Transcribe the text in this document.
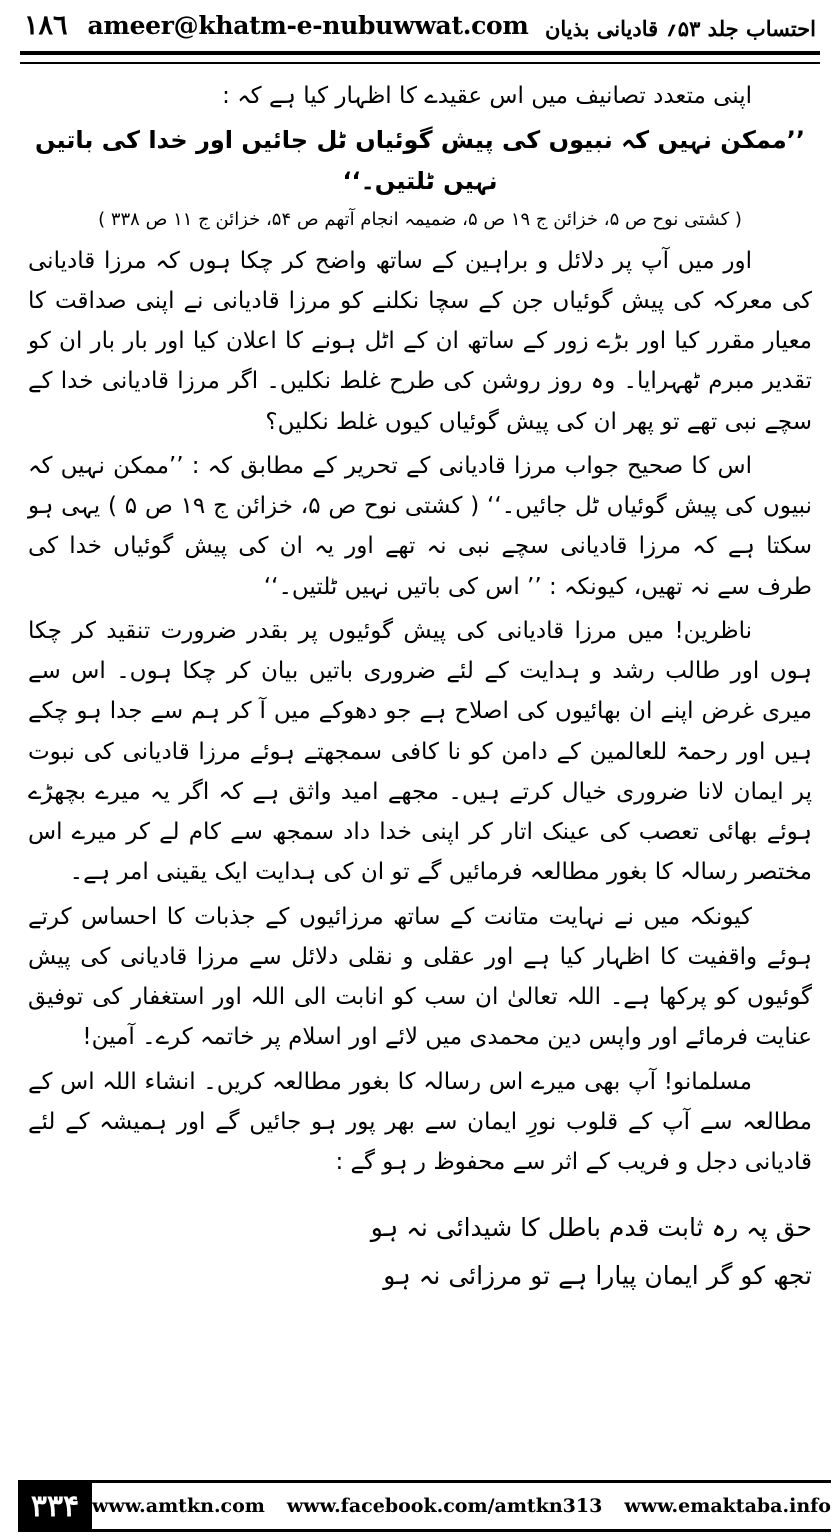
احتساب جلد ۵۳؍ قادیانی بذیان
١٨٦ ameer@khatm-e-nubuwwat.com

اپنی متعدد تصانیف میں اس عقیدے کا اظہار کیا ہے کہ :

’’ممکن نہیں کہ نبیوں کی پیش گوئیاں ٹل جائیں اور خدا کی باتیں نہیں ٹلتیں۔‘‘

( کشتی نوح ص ۵، خزائن ج ۱۹ ص ۵، ضمیمہ انجام آتھم ص ۵۴، خزائن ج ۱۱ ص ۳۳۸ )

اور میں آپ پر دلائل و براہین کے ساتھ واضح کر چکا ہوں کہ مرزا قادیانی کی معرکہ کی پیش گوئیاں جن کے سچا نکلنے کو مرزا قادیانی نے اپنی صداقت کا معیار مقرر کیا اور بڑے زور کے ساتھ ان کے اٹل ہونے کا اعلان کیا اور بار بار ان کو تقدیر مبرم ٹھہرایا۔ وہ روز روشن کی طرح غلط نکلیں۔ اگر مرزا قادیانی خدا کے سچے نبی تھے تو پھر ان کی پیش گوئیاں کیوں غلط نکلیں؟

اس کا صحیح جواب مرزا قادیانی کے تحریر کے مطابق کہ : ’’ممکن نہیں کہ نبیوں کی پیش گوئیاں ٹل جائیں۔‘‘ ( کشتی نوح ص ۵، خزائن ج ۱۹ ص ۵ ) یہی ہو سکتا ہے کہ مرزا قادیانی سچے نبی نہ تھے اور یہ ان کی پیش گوئیاں خدا کی طرف سے نہ تھیں، کیونکہ : ’’ اس کی باتیں نہیں ٹلتیں۔‘‘

ناظرین! میں مرزا قادیانی کی پیش گوئیوں پر بقدر ضرورت تنقید کر چکا ہوں اور طالب رشد و ہدایت کے لئے ضروری باتیں بیان کر چکا ہوں۔ اس سے میری غرض اپنے ان بھائیوں کی اصلاح ہے جو دھوکے میں آ کر ہم سے جدا ہو چکے ہیں اور رحمۃ للعالمین کے دامن کو نا کافی سمجھتے ہوئے مرزا قادیانی کی نبوت پر ایمان لانا ضروری خیال کرتے ہیں۔ مجھے امید واثق ہے کہ اگر یہ میرے بچھڑے ہوئے بھائی تعصب کی عینک اتار کر اپنی خدا داد سمجھ سے کام لے کر میرے اس مختصر رسالہ کا بغور مطالعہ فرمائیں گے تو ان کی ہدایت ایک یقینی امر ہے۔

کیونکہ میں نے نہایت متانت کے ساتھ مرزائیوں کے جذبات کا احساس کرتے ہوئے واقفیت کا اظہار کیا ہے اور عقلی و نقلی دلائل سے مرزا قادیانی کی پیش گوئیوں کو پرکھا ہے۔ اللہ تعالیٰ ان سب کو انابت الی اللہ اور استغفار کی توفیق عنایت فرمائے اور واپس دین محمدی میں لائے اور اسلام پر خاتمہ کرے۔ آمین!

مسلمانو! آپ بھی میرے اس رسالہ کا بغور مطالعہ کریں۔ انشاء اللہ اس کے مطالعہ سے آپ کے قلوب نورِ ایمان سے بھر پور ہو جائیں گے اور ہمیشہ کے لئے قادیانی دجل و فریب کے اثر سے محفوظ ر ہو گے :

حق پہ رہ ثابت قدم باطل کا شیدائی نہ ہو
تجھ کو گر ایمان پیارا ہے تو مرزائی نہ ہو
۳۳۴ www.amtkn.com www.facebook.com/amtkn313 www.emaktaba.info
